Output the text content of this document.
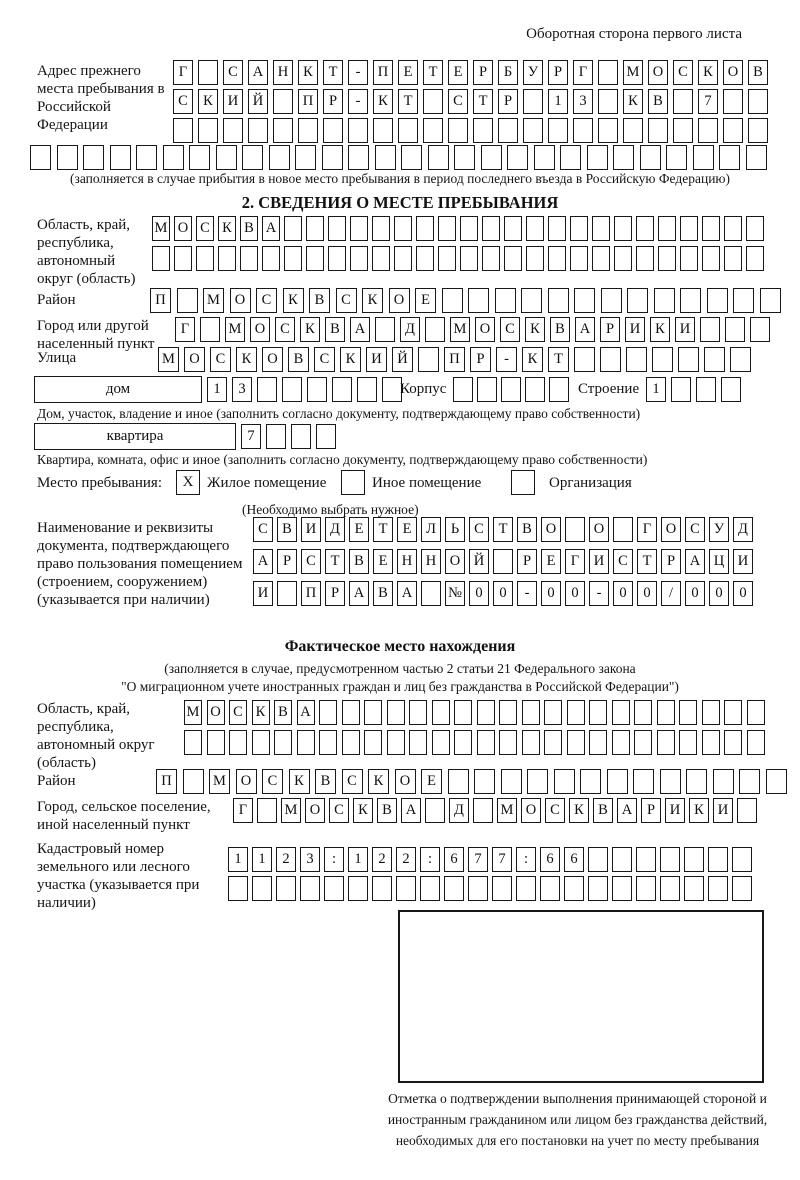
Оборотная сторона первого листа
Адрес прежнего места пребывания в Российской Федерации
Г	С	А	Н	К	Т	-	П	Е	Т	Е	Р	Б	У	Р	Г	М О	С	К	О	В
С	К	И	Й	П	Р	-	К	Т	С	Т	Р	1	3	К	В	7
(заполняется в случае прибытия в новое место пребывания в период последнего въезда в Российскую Федерацию)
2. СВЕДЕНИЯ О МЕСТЕ ПРЕБЫВАНИЯ
Область, край, республика, автономный округ (область)
М О С К В А
Район	П	М	О	С	К	В	С	К	О	Е
Город или другой населенный пункт
Г	М О	С	К	В	А	Д	М О	С	К	В	А	Р	И	К	И
Улица	М О	С	К	О	В	С	К	И	Й	П	Р	-	К	Т
дом	1	3	Корпус	Строение 1
Дом, участок, владение и иное (заполнить согласно документу, подтверждающему право собственности)
квартира	7
Квартира, комната, офис и иное (заполнить согласно документу, подтверждающему право собственности)
Место пребывания:	X Жилое помещение	Иное помещение	Организация
(Необходимо выбрать нужное)
Наименование и реквизиты документа, подтверждающего право пользования помещением (строением, сооружением) (указывается при наличии)
С В И Д	Е	Т	Е	Л	Ь	С	Т	В О	О	Г	О С У Д
А	Р	С	Т	В	Е Н Н О Й	Р	Е	Г	И С	Т	Р	А Ц И
И	П	Р	А В А	№ 0	0	-	0	0	-	0	0	/	0	0	0
Фактическое место нахождения
(заполняется в случае, предусмотренном частью 2 статьи 21 Федерального закона
"О миграционном учете иностранных граждан и лиц без гражданства в Российской Федерации")
Область, край, республика, автономный округ (область)
М О С К В А
Район	П	М	О	С	К	В	С	К	О	Е
Город, сельское поселение, иной населенный пункт
Г	М О С К В А	Д	М О С К В А	Р	И К И
Кадастровый номер земельного или лесного участка (указывается при наличии)
1	1	2	3	:	1	2	2	:	6	7	7	:	6	6
Отметка о подтверждении выполнения принимающей стороной и иностранным гражданином или лицом без гражданства действий, необходимых для его постановки на учет по месту пребывания
